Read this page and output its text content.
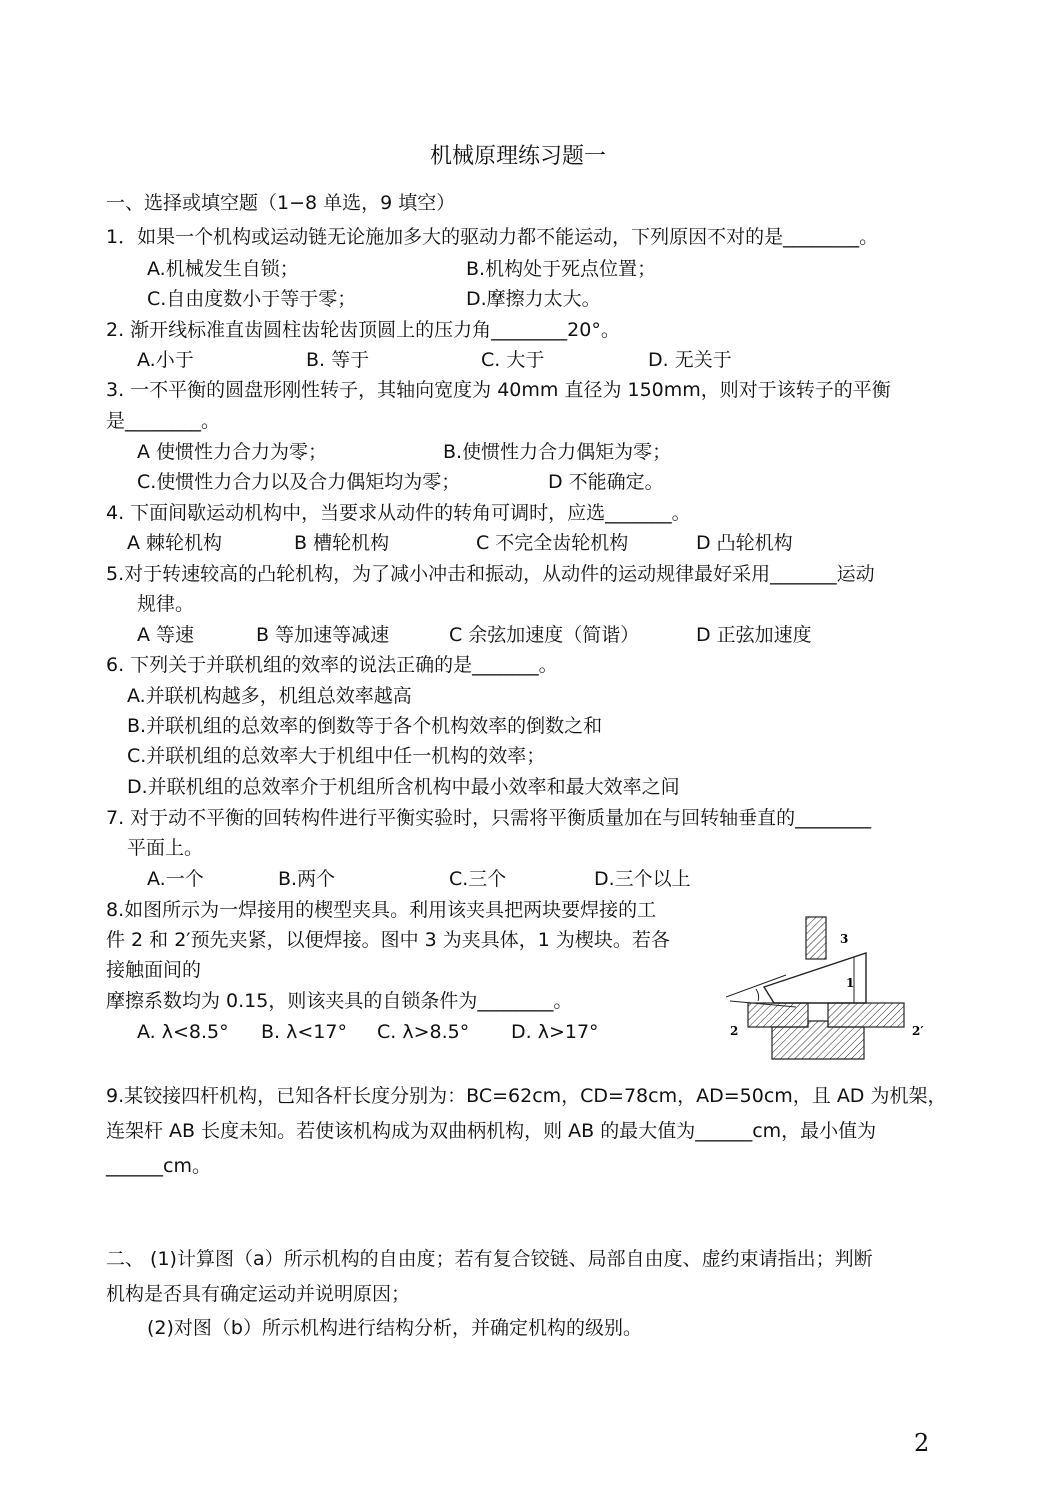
机械原理练习题一
一、选择或填空题（1−8 单选，9 填空）
1．如果一个机构或运动链无论施加多大的驱动力都不能运动，下列原因不对的是________。
A.机械发生自锁；	B.机构处于死点位置；
C.自由度数小于等于零；	D.摩擦力太大。
2. 渐开线标准直齿圆柱齿轮齿顶圆上的压力角________20°。
A.小于	B. 等于	C. 大于	D. 无关于
3. 一不平衡的圆盘形刚性转子，其轴向宽度为 40mm 直径为 150mm，则对于该转子的平衡
是________。
A 使惯性力合力为零；	B.使惯性力合力偶矩为零；
C.使惯性力合力以及合力偶矩均为零；	D 不能确定。
4. 下面间歇运动机构中，当要求从动件的转角可调时，应选_______。
A 棘轮机构	B 槽轮机构	C 不完全齿轮机构	D 凸轮机构
5.对于转速较高的凸轮机构，为了减小冲击和振动，从动件的运动规律最好采用_______运动
规律。
A 等速	B 等加速等减速	C 余弦加速度（简谐）	D 正弦加速度
6. 下列关于并联机组的效率的说法正确的是_______。
A.并联机构越多，机组总效率越高
B.并联机组的总效率的倒数等于各个机构效率的倒数之和
C.并联机组的总效率大于机组中任一机构的效率；
D.并联机组的总效率介于机组所含机构中最小效率和最大效率之间
7. 对于动不平衡的回转构件进行平衡实验时，只需将平衡质量加在与回转轴垂直的________
平面上。
A.一个	B.两个	C.三个	D.三个以上
8.如图所示为一焊接用的楔型夹具。利用该夹具把两块要焊接的工
件 2 和 2′预先夹紧，以便焊接。图中 3 为夹具体，1 为楔块。若各
接触面间的
摩擦系数均为 0.15，则该夹具的自锁条件为________。
A. λ<8.5° B. λ<17° C. λ>8.5° D. λ>17°
3
1
2	2′
9.某铰接四杆机构，已知各杆长度分别为：BC=62cm，CD=78cm，AD=50cm，且 AD 为机架，
连架杆 AB 长度未知。若使该机构成为双曲柄机构，则 AB 的最大值为______cm，最小值为
______cm。
二、 (1)计算图（a）所示机构的自由度；若有复合铰链、局部自由度、虚约束请指出；判断
机构是否具有确定运动并说明原因；
(2)对图（b）所示机构进行结构分析，并确定机构的级别。
2
